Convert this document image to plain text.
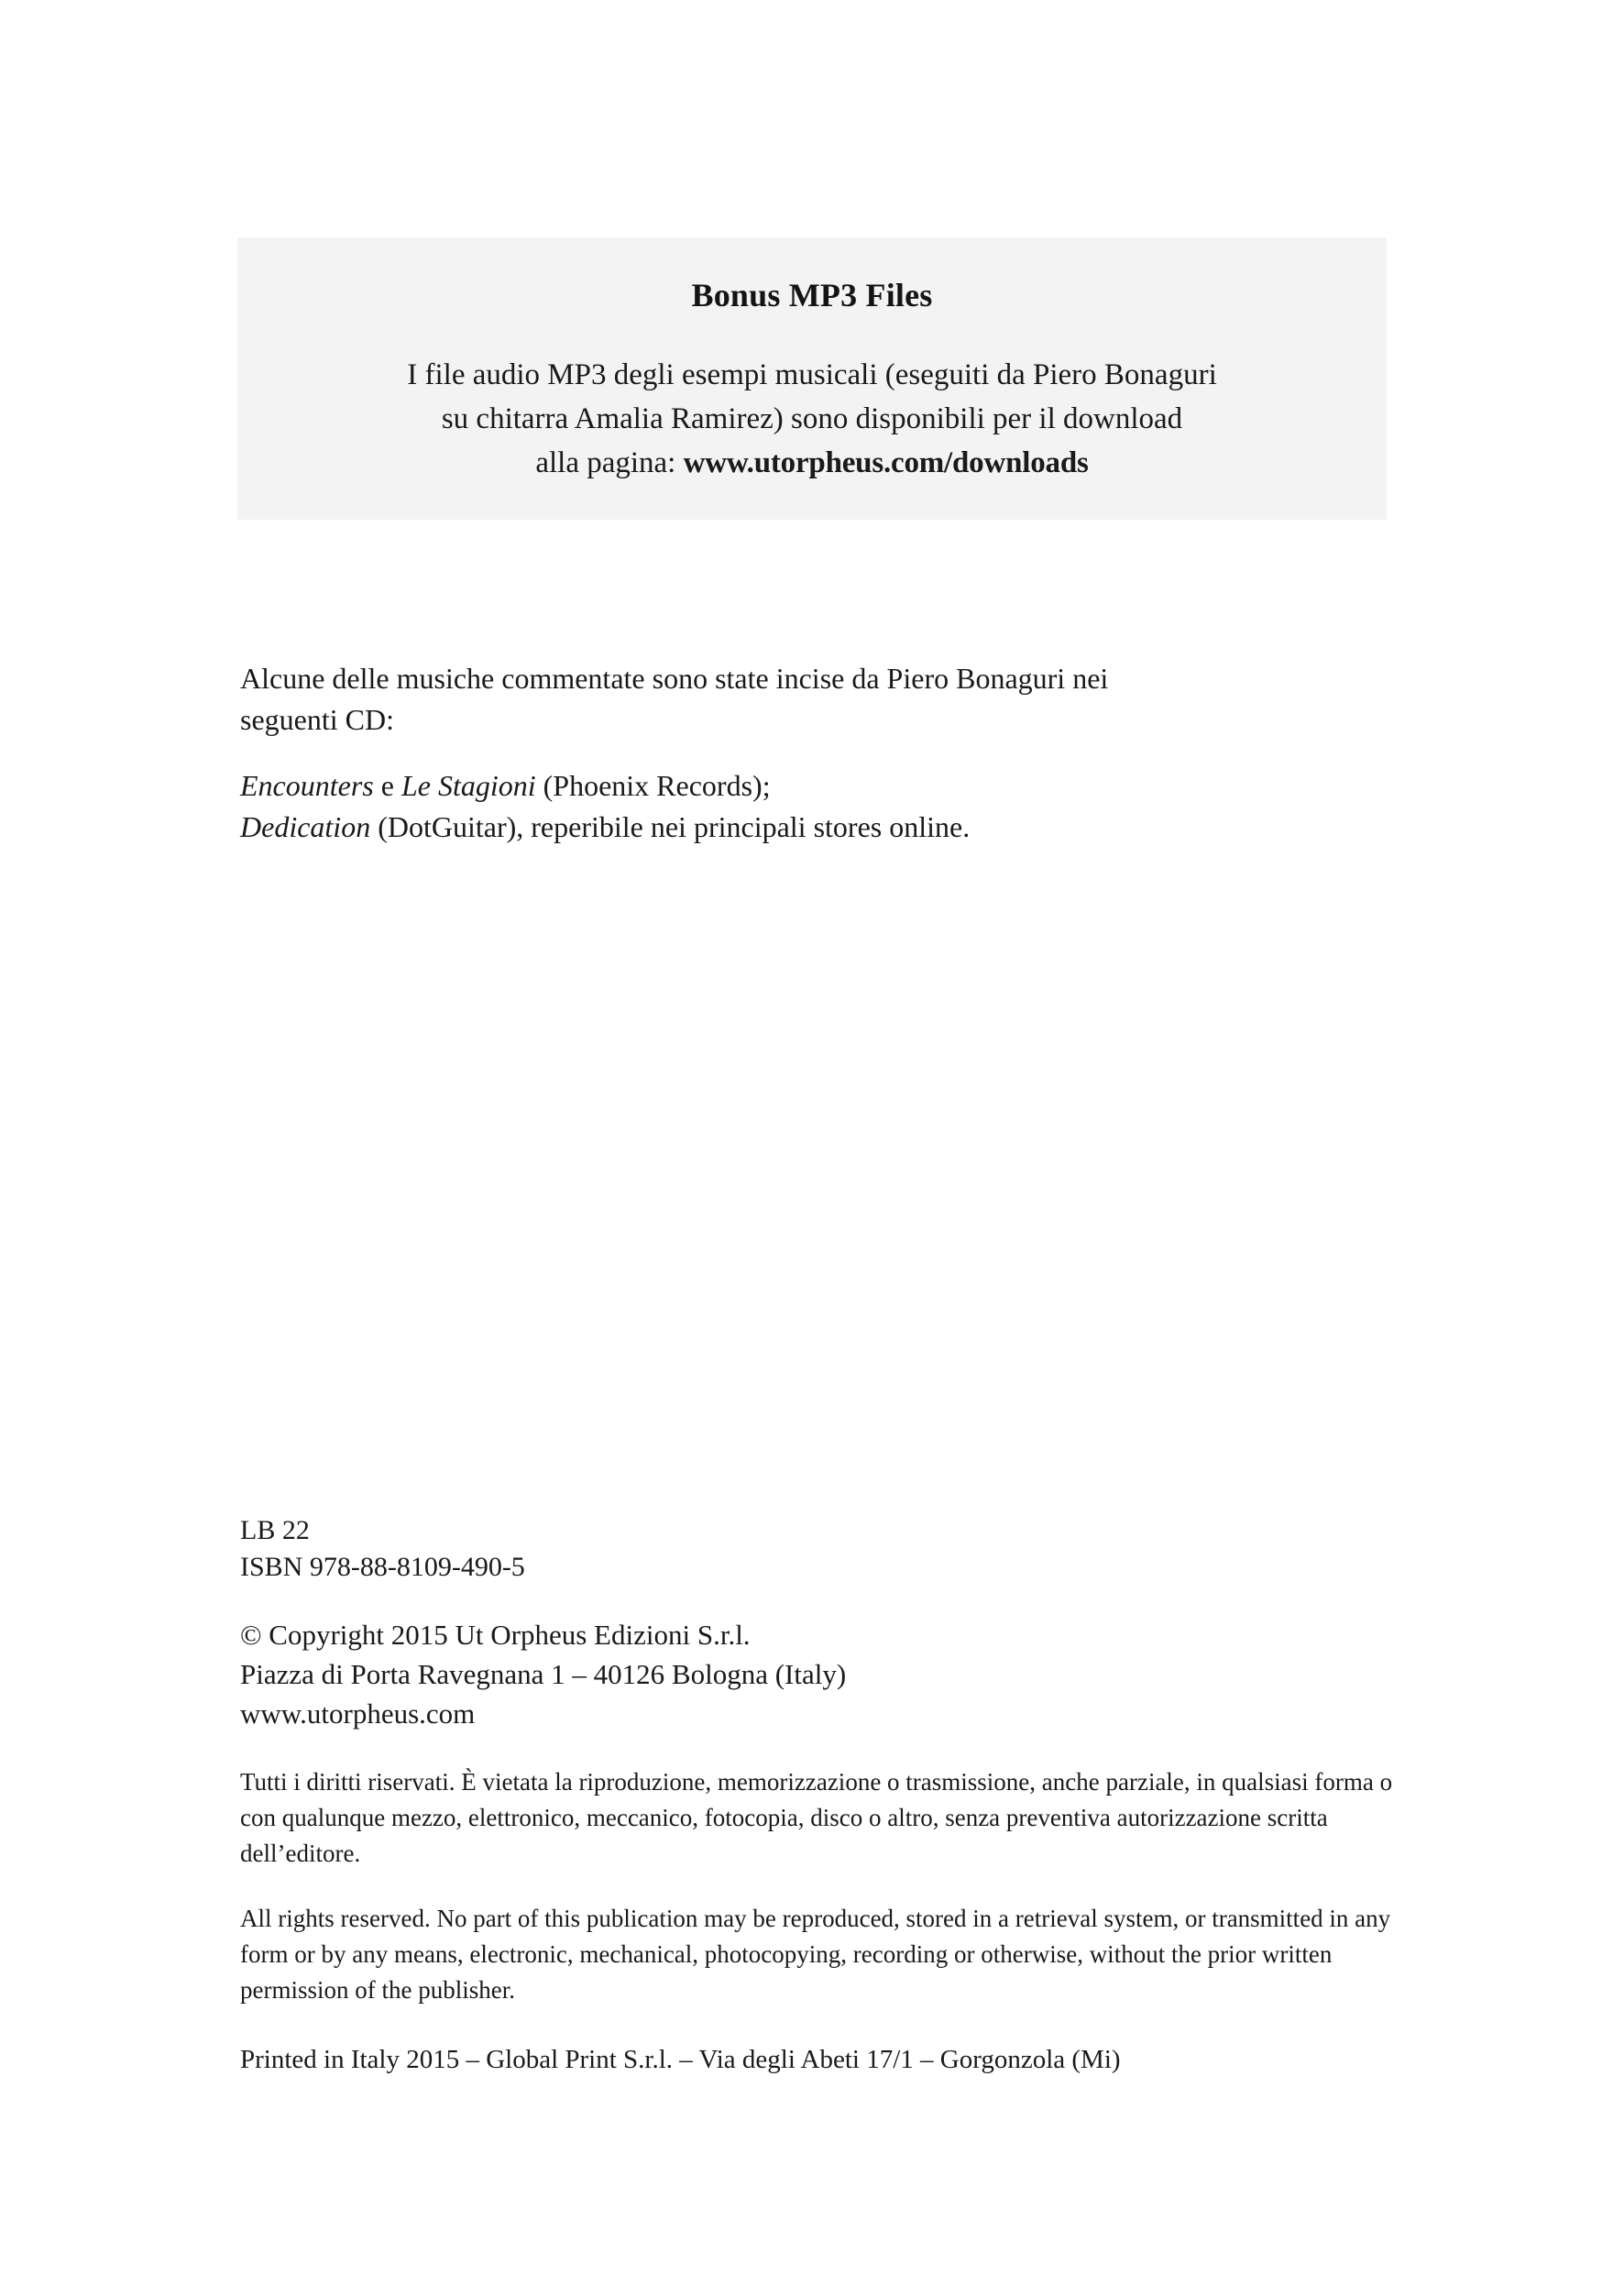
Bonus MP3 Files
I file audio MP3 degli esempi musicali (eseguiti da Piero Bonaguri
su chitarra Amalia Ramirez) sono disponibili per il download
alla pagina: www.utorpheus.com/downloads

Alcune delle musiche commentate sono state incise da Piero Bonaguri nei
seguenti CD:

Encounters e Le Stagioni (Phoenix Records);
Dedication (DotGuitar), reperibile nei principali stores online.

LB 22
ISBN 978-88-8109-490-5

© Copyright 2015 Ut Orpheus Edizioni S.r.l.
Piazza di Porta Ravegnana 1 – 40126 Bologna (Italy)
www.utorpheus.com

Tutti i diritti riservati. È vietata la riproduzione, memorizzazione o trasmissione, anche parziale, in qualsiasi forma o con qualunque mezzo, elettronico, meccanico, fotocopia, disco o altro, senza preventiva autorizzazione scritta dell’editore.

All rights reserved. No part of this publication may be reproduced, stored in a retrieval system, or transmitted in any form or by any means, electronic, mechanical, photocopying, recording or otherwise, without the prior written permission of the publisher.

Printed in Italy 2015 – Global Print S.r.l. – Via degli Abeti 17/1 – Gorgonzola (Mi)
